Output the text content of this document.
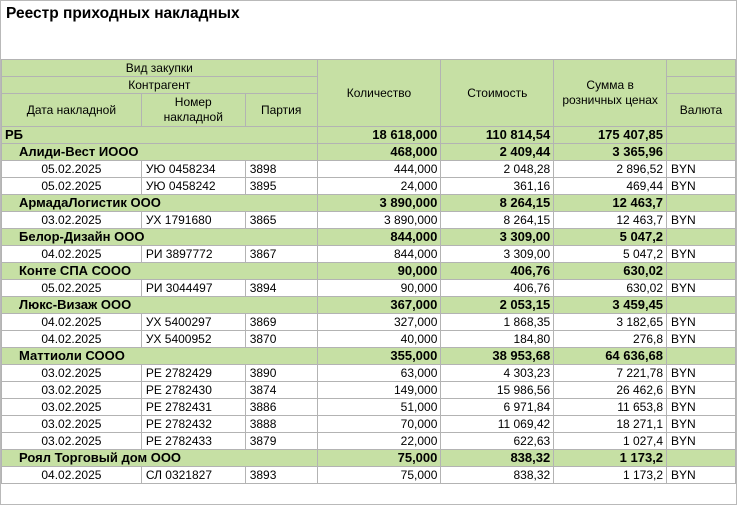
Реестр приходных накладных
Вид закупки			Количество	Стоимость	Сумма в розничных ценах	

Контрагент						
Дата накладной	Номер накладной	Партия				Валюта
РБ			18 618,000	110 814,54	175 407,85	
Алиди-Вест ИООО			468,000	2 409,44	3 365,96	
05.02.2025	УЮ 0458234	3898	444,000	2 048,28	2 896,52	BYN
05.02.2025	УЮ 0458242	3895	24,000	361,16	469,44	BYN
АрмадаЛогистик ООО			3 890,000	8 264,15	12 463,7	
03.02.2025	УХ 1791680	3865	3 890,000	8 264,15	12 463,7	BYN
Белор-Дизайн ООО			844,000	3 309,00	5 047,2	
04.02.2025	РИ 3897772	3867	844,000	3 309,00	5 047,2	BYN
Конте СПА СООО			90,000	406,76	630,02	
05.02.2025	РИ 3044497	3894	90,000	406,76	630,02	BYN
Люкс-Визаж ООО			367,000	2 053,15	3 459,45	
04.02.2025	УХ 5400297	3869	327,000	1 868,35	3 182,65	BYN
04.02.2025	УХ 5400952	3870	40,000	184,80	276,8	BYN
Маттиоли СООО			355,000	38 953,68	64 636,68	
03.02.2025	РЕ 2782429	3890	63,000	4 303,23	7 221,78	BYN
03.02.2025	РЕ 2782430	3874	149,000	15 986,56	26 462,6	BYN
03.02.2025	РЕ 2782431	3886	51,000	6 971,84	11 653,8	BYN
03.02.2025	РЕ 2782432	3888	70,000	11 069,42	18 271,1	BYN
03.02.2025	РЕ 2782433	3879	22,000	622,63	1 027,4	BYN
Роял Торговый дом ООО			75,000	838,32	1 173,2	
04.02.2025	СЛ 0321827	3893	75,000	838,32	1 173,2	BYN
